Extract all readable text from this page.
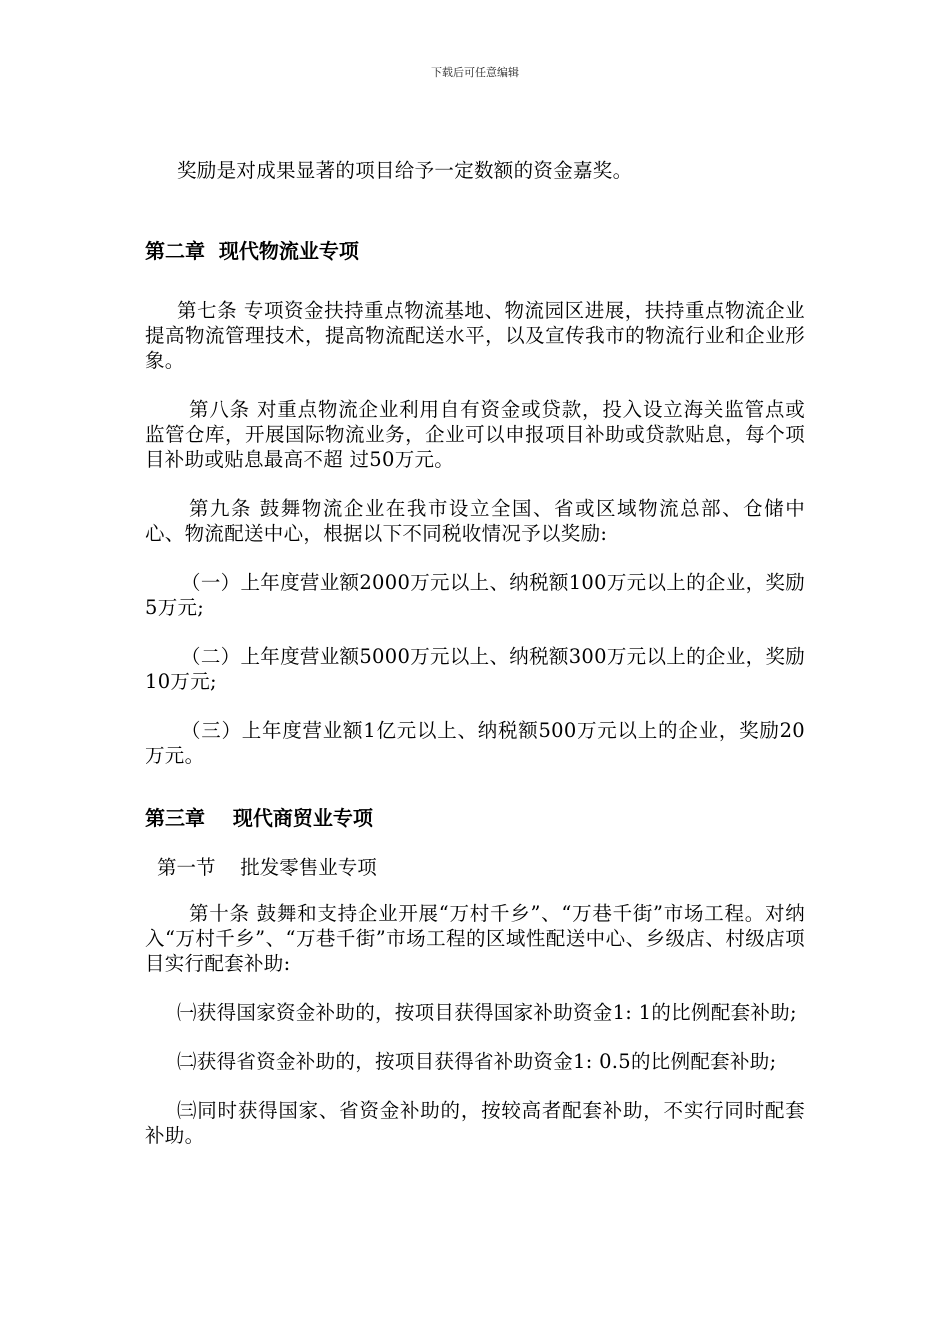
下载后可任意编辑

奖励是对成果显著的项目给予一定数额的资金嘉奖。

第二章  现代物流业专项

第七条 专项资金扶持重点物流基地、物流园区进展，扶持重点物流企业提高物流管理技术，提高物流配送水平，以及宣传我市的物流行业和企业形象。

第八条 对重点物流企业利用自有资金或贷款，投入设立海关监管点或监管仓库，开展国际物流业务，企业可以申报项目补助或贷款贴息，每个项目补助或贴息最高不超 过50万元。

第九条 鼓舞物流企业在我市设立全国、省或区域物流总部、仓储中心、物流配送中心，根据以下不同税收情况予以奖励:

（一）上年度营业额2000万元以上、纳税额100万元以上的企业，奖励5万元;

（二）上年度营业额5000万元以上、纳税额300万元以上的企业，奖励10万元;

（三）上年度营业额1亿元以上、纳税额500万元以上的企业，奖励20万元。

第三章    现代商贸业专项

第一节    批发零售业专项

第十条 鼓舞和支持企业开展“万村千乡”、“万巷千街”市场工程。对纳入“万村千乡”、“万巷千街”市场工程的区域性配送中心、乡级店、村级店项目实行配套补助:

㈠获得国家资金补助的，按项目获得国家补助资金1: 1的比例配套补助;

㈡获得省资金补助的，按项目获得省补助资金1: 0.5的比例配套补助;

㈢同时获得国家、省资金补助的，按较高者配套补助，不实行同时配套补助。
